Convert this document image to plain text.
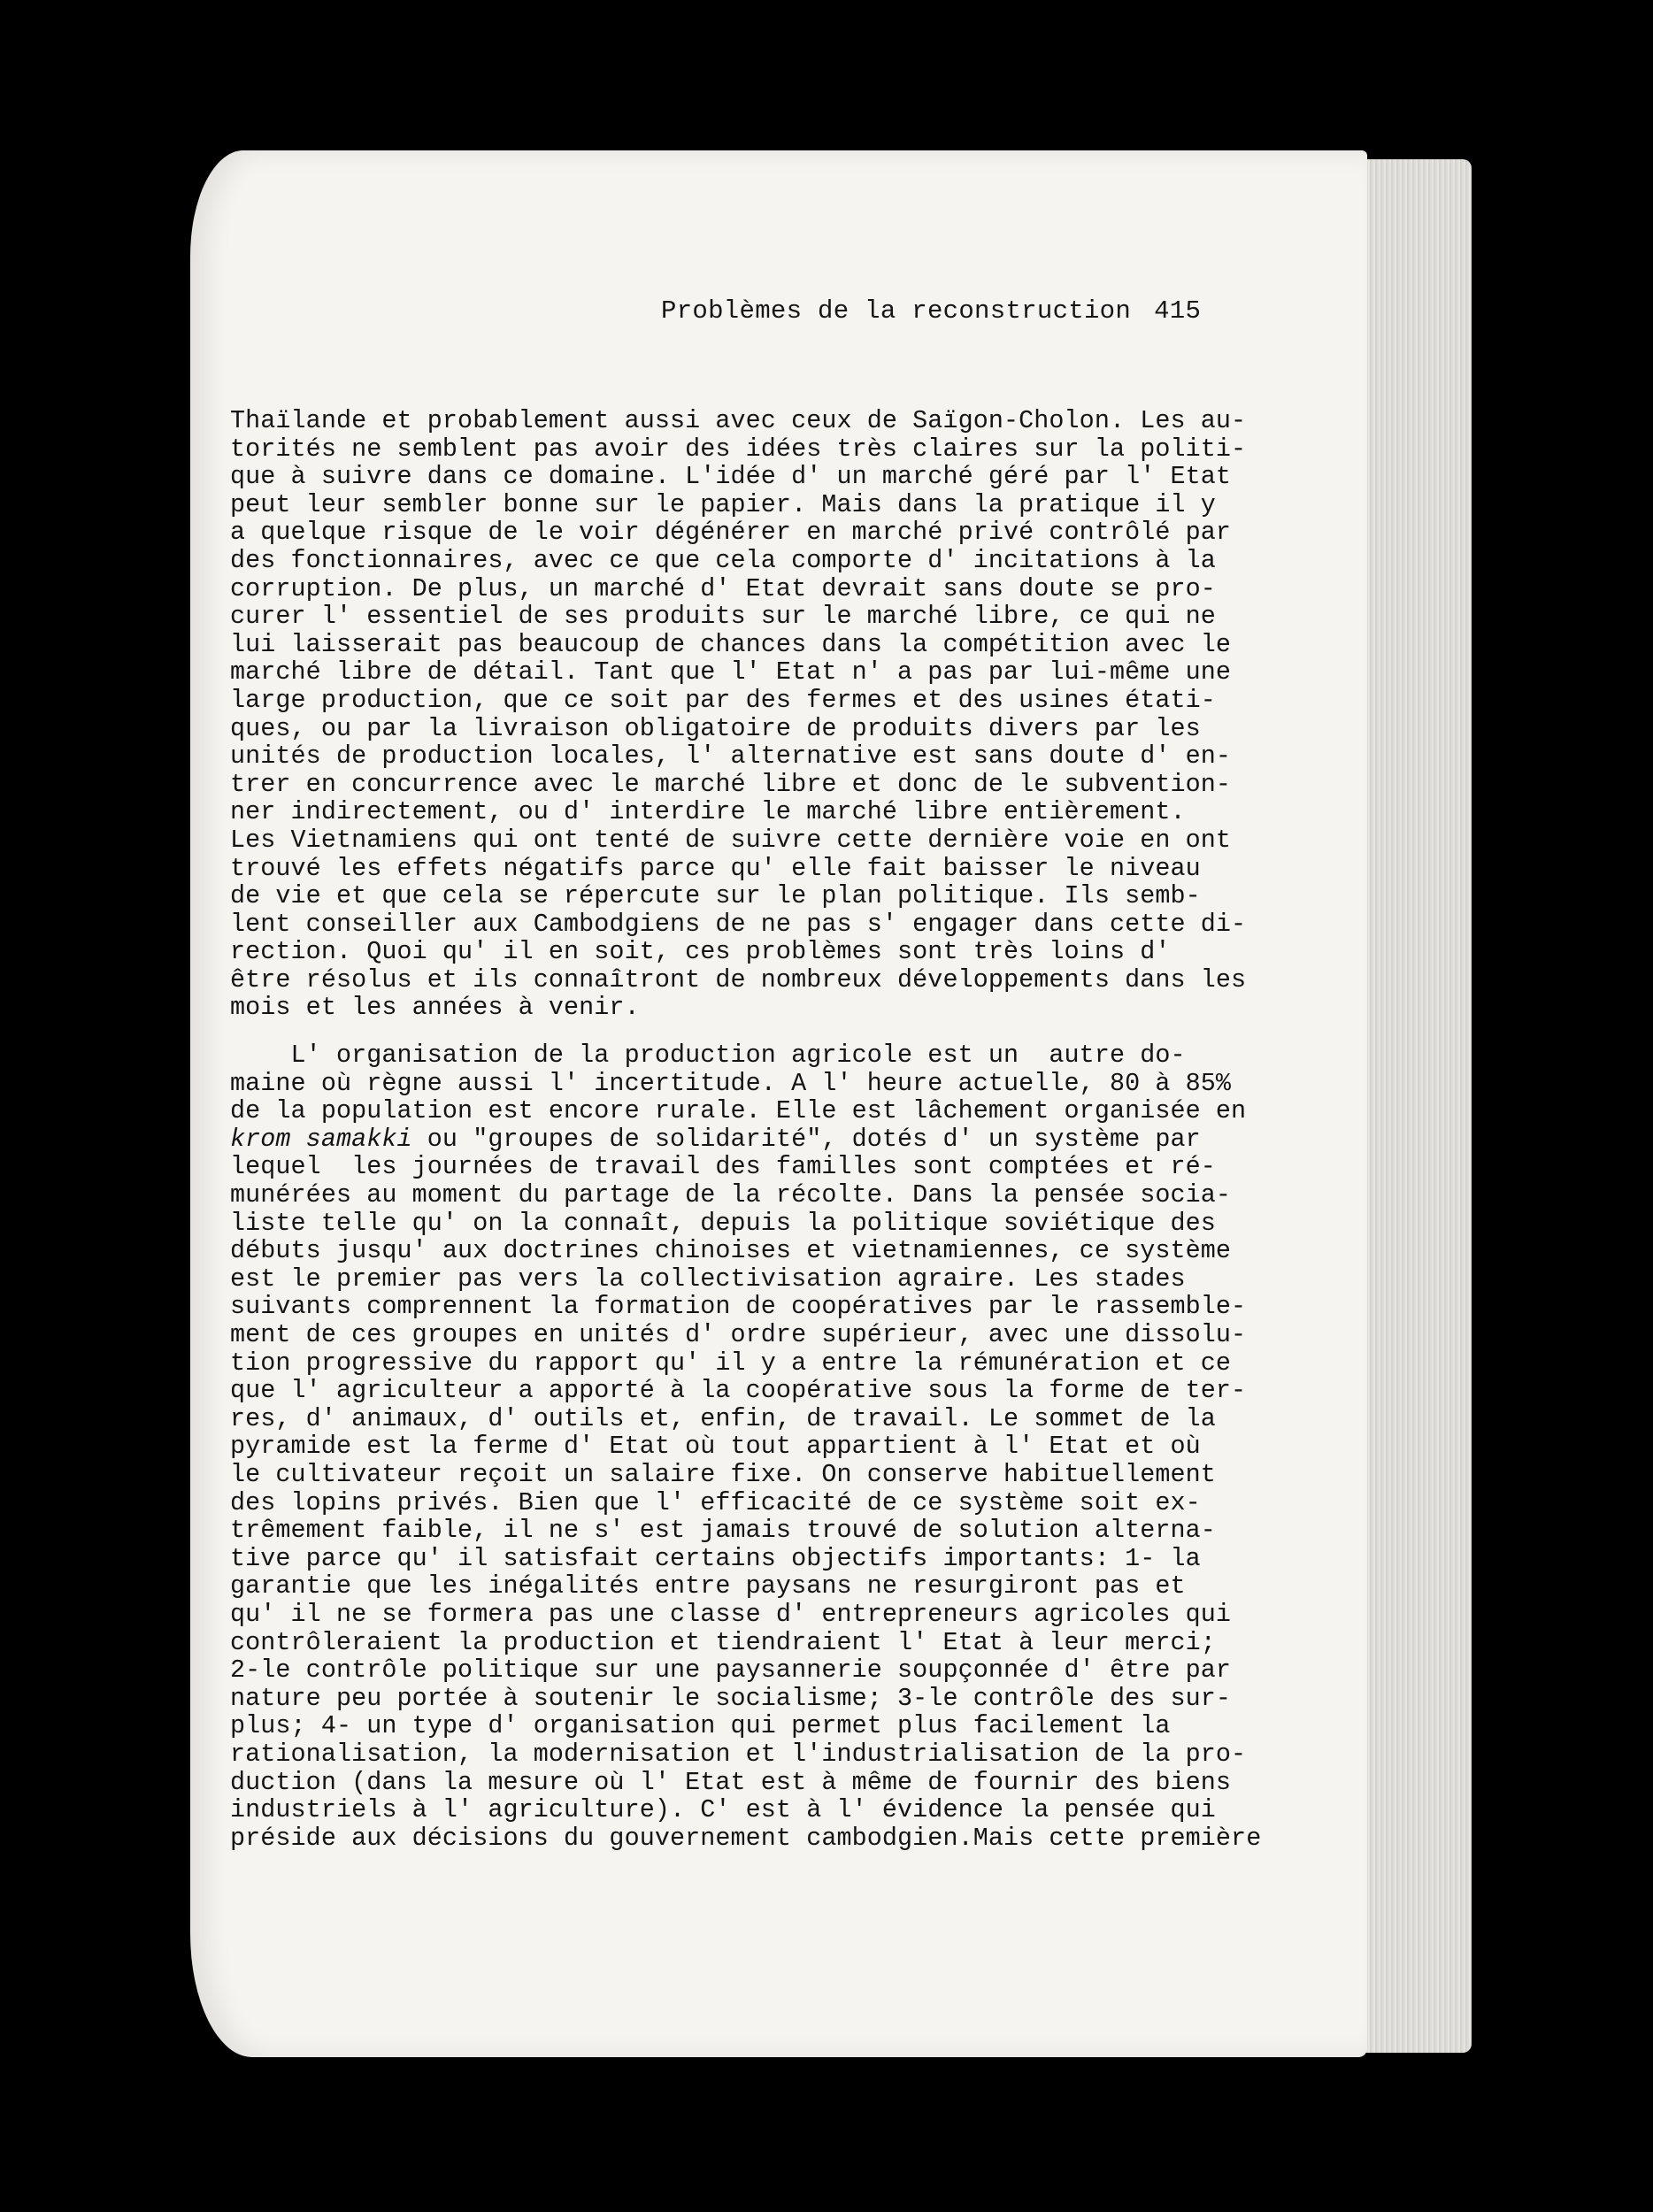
Problèmes de la reconstruction 415
Thaïlande et probablement aussi avec ceux de Saïgon-Cholon. Les au-
torités ne semblent pas avoir des idées très claires sur la politi-
que à suivre dans ce domaine. L'idée d' un marché géré par l' Etat
peut leur sembler bonne sur le papier. Mais dans la pratique il y
a quelque risque de le voir dégénérer en marché privé contrôlé par
des fonctionnaires, avec ce que cela comporte d' incitations à la
corruption. De plus, un marché d' Etat devrait sans doute se pro-
curer l' essentiel de ses produits sur le marché libre, ce qui ne
lui laisserait pas beaucoup de chances dans la compétition avec le
marché libre de détail. Tant que l' Etat n' a pas par lui-même une
large production, que ce soit par des fermes et des usines étati-
ques, ou par la livraison obligatoire de produits divers par les
unités de production locales, l' alternative est sans doute d' en-
trer en concurrence avec le marché libre et donc de le subvention-
ner indirectement, ou d' interdire le marché libre entièrement.
Les Vietnamiens qui ont tenté de suivre cette dernière voie en ont
trouvé les effets négatifs parce qu' elle fait baisser le niveau
de vie et que cela se répercute sur le plan politique. Ils semb-
lent conseiller aux Cambodgiens de ne pas s' engager dans cette di-
rection. Quoi qu' il en soit, ces problèmes sont très loins d'
être résolus et ils connaîtront de nombreux développements dans les
mois et les années à venir.
L' organisation de la production agricole est un  autre do-
maine où règne aussi l' incertitude. A l' heure actuelle, 80 à 85%
de la population est encore rurale. Elle est lâchement organisée en
krom samakki ou "groupes de solidarité", dotés d' un système par
lequel  les journées de travail des familles sont comptées et ré-
munérées au moment du partage de la récolte. Dans la pensée socia-
liste telle qu' on la connaît, depuis la politique soviétique des
débuts jusqu' aux doctrines chinoises et vietnamiennes, ce système
est le premier pas vers la collectivisation agraire. Les stades
suivants comprennent la formation de coopératives par le rassemble-
ment de ces groupes en unités d' ordre supérieur, avec une dissolu-
tion progressive du rapport qu' il y a entre la rémunération et ce
que l' agriculteur a apporté à la coopérative sous la forme de ter-
res, d' animaux, d' outils et, enfin, de travail. Le sommet de la
pyramide est la ferme d' Etat où tout appartient à l' Etat et où
le cultivateur reçoit un salaire fixe. On conserve habituellement
des lopins privés. Bien que l' efficacité de ce système soit ex-
trêmement faible, il ne s' est jamais trouvé de solution alterna-
tive parce qu' il satisfait certains objectifs importants: 1- la
garantie que les inégalités entre paysans ne resurgiront pas et
qu' il ne se formera pas une classe d' entrepreneurs agricoles qui
contrôleraient la production et tiendraient l' Etat à leur merci;
2-le contrôle politique sur une paysannerie soupçonnée d' être par
nature peu portée à soutenir le socialisme; 3-le contrôle des sur-
plus; 4- un type d' organisation qui permet plus facilement la
rationalisation, la modernisation et l'industrialisation de la pro-
duction (dans la mesure où l' Etat est à même de fournir des biens
industriels à l' agriculture). C' est à l' évidence la pensée qui
préside aux décisions du gouvernement cambodgien.Mais cette première
